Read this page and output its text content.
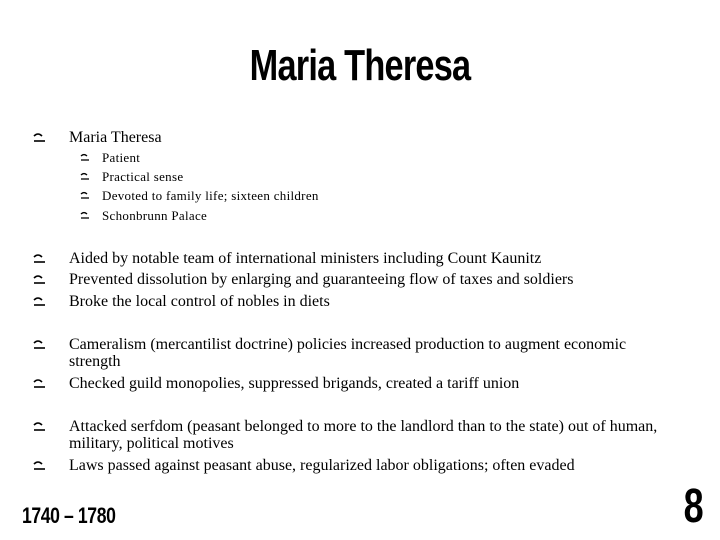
Maria Theresa
Maria Theresa
Patient
Practical sense
Devoted to family life; sixteen children
Schonbrunn Palace
Aided by notable team of international ministers including Count Kaunitz
Prevented dissolution by enlarging and guaranteeing flow of taxes and soldiers
Broke the local control of nobles in diets
Cameralism (mercantilist doctrine) policies increased production to augment economic strength
Checked guild monopolies, suppressed brigands, created a tariff union
Attacked serfdom (peasant belonged to more to the landlord than to the state) out of human, military, political motives
Laws passed against peasant abuse, regularized labor obligations; often evaded
1740 – 1780	8
